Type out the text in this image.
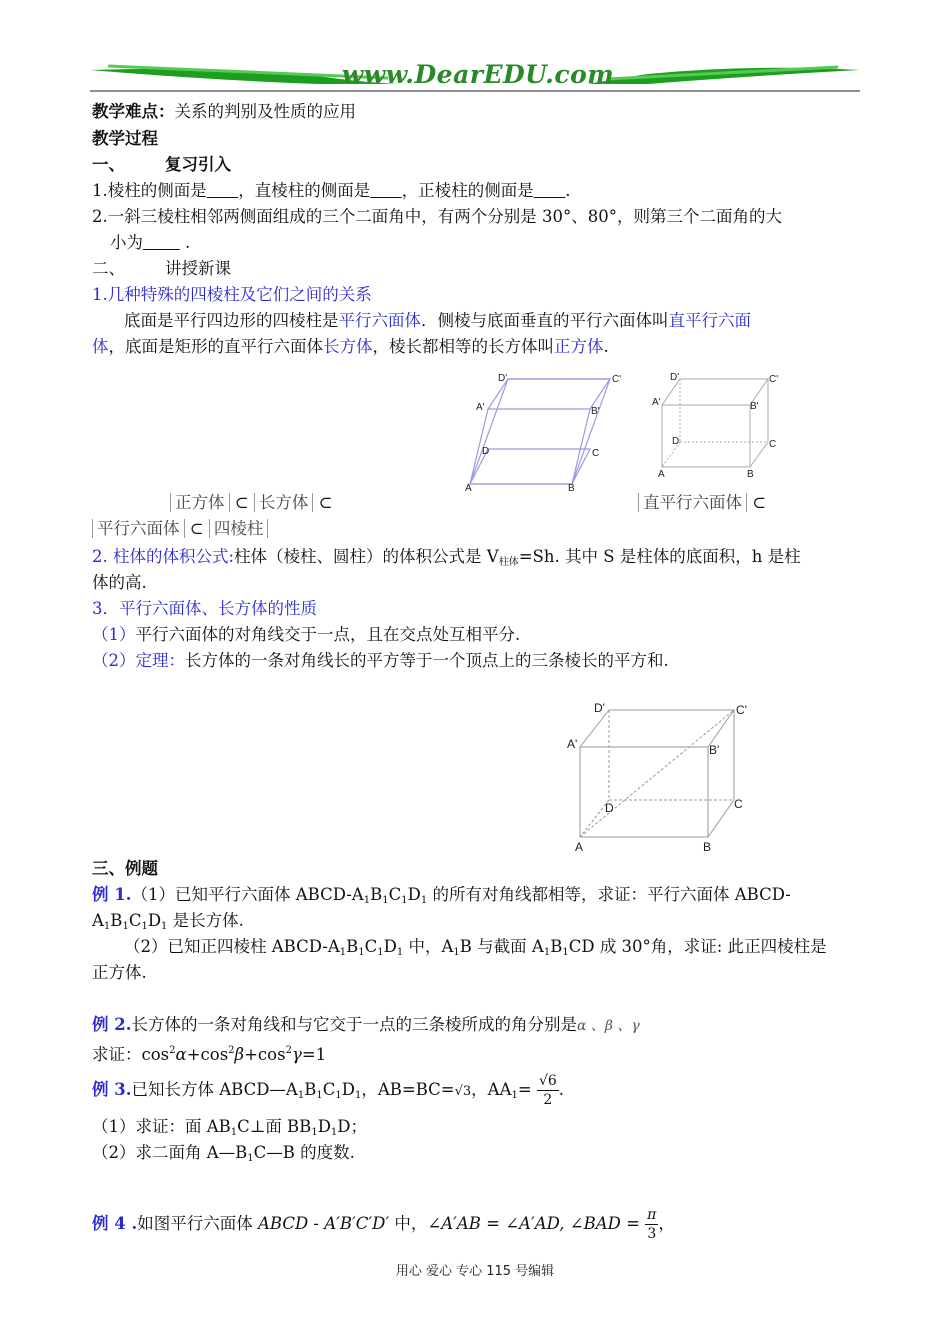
www.DearEDU.com
教学难点：关系的判别及性质的应用
教学过程
一、 复习引入
1.棱柱的侧面是 ，直棱柱的侧面是 ，正棱柱的侧面是 .
2.一斜三棱柱相邻两侧面组成的三个二面角中，有两个分别是 30°、80°，则第三个二面角的大
小为        .
二、 讲授新课
1.几种特殊的四棱柱及它们之间的关系
底面是平行四边形的四棱柱是平行六面体．侧棱与底面垂直的平行六面体叫直平行六面
体，底面是矩形的直平行六面体长方体，棱长都相等的长方体叫正方体.
D'	C'
A'	B'
D	C
A	B
D'	C'
A'	B'
D	C
A	B
正方体 ⊂ 长方体 ⊂	直平行六面体 ⊂
平行六面体 ⊂ 四棱柱
2. 柱体的体积公式:柱体（棱柱、圆柱）的体积公式是 $V_{柱体}=Sh$. 其中 S 是柱体的底面积，h 是柱
体的高.
3．平行六面体、长方体的性质
（1）平行六面体的对角线交于一点，且在交点处互相平分.
（2）定理：长方体的一条对角线长的平方等于一个顶点上的三条棱长的平方和.
D'	C'
A'	B'
D	C
A	B
三、例题
例 1.（1）已知平行六面体 ABCD-$A_1B_1C_1D_1$ 的所有对角线都相等，求证：平行六面体 ABCD-
$A_1B_1C_1D_1$ 是长方体.
（2）已知正四棱柱 ABCD-$A_1B_1C_1D_1$ 中，$A_1B$ 与截面 $A_1B_1CD$ 成 30°角，求证: 此正四棱柱是
正方体.
例 2.长方体的一条对角线和与它交于一点的三条棱所成的角分别是α 、β 、γ
求证：$\cos^2\alpha+\cos^2\beta+\cos^2\gamma=1$
例 3.已知长方体 $ABCD—A_1B_1C_1D_1$，AB=BC=√3，$AA_1= \frac{√6}{2}$ .
（1）求证：面 $AB_1C\perp$面 $BB_1D_1D$；
（2）求二面角 $A—B_1C—B$ 的度数.
例 4 .如图平行六面体 ABCD - A′B′C′D′ 中，∠A′AB = ∠A′AD, ∠BAD = $\frac{\pi}{3}$ ，
用心 爱心 专心 115 号编辑
